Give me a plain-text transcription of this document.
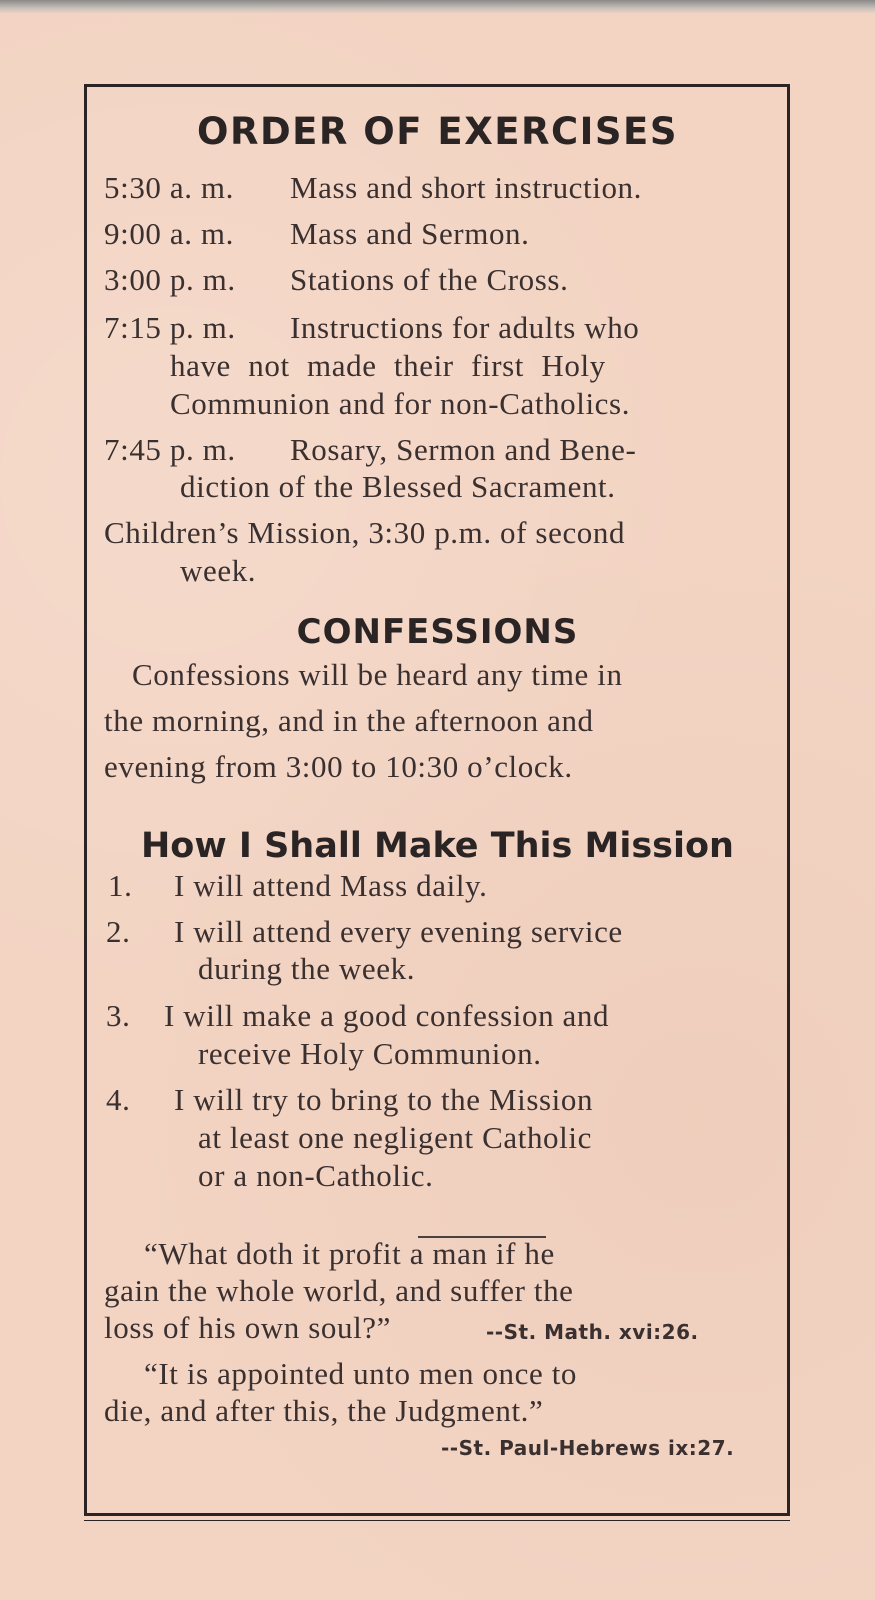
ORDER OF EXERCISES
5:30 a. m. Mass and short instruction.
9:00 a. m. Mass and Sermon.
3:00 p. m. Stations of the Cross.
7:15 p. m. Instructions for adults who
have not made their first Holy
Communion and for non-Catholics.
7:45 p. m. Rosary, Sermon and Bene-
diction of the Blessed Sacrament.
Children’s Mission, 3:30 p.m. of second
week.
CONFESSIONS
Confessions will be heard any time in
the morning, and in the afternoon and
evening from 3:00 to 10:30 o’clock.
How I Shall Make This Mission
1. I will attend Mass daily.
2. I will attend every evening service
during the week.
3. I will make a good confession and
receive Holy Communion.
4. I will try to bring to the Mission
at least one negligent Catholic
or a non-Catholic.
“What doth it profit a man if he
gain the whole world, and suffer the
loss of his own soul?”	--St. Math. xvi:26.
“It is appointed unto men once to
die, and after this, the Judgment.”
--St. Paul-Hebrews ix:27.
